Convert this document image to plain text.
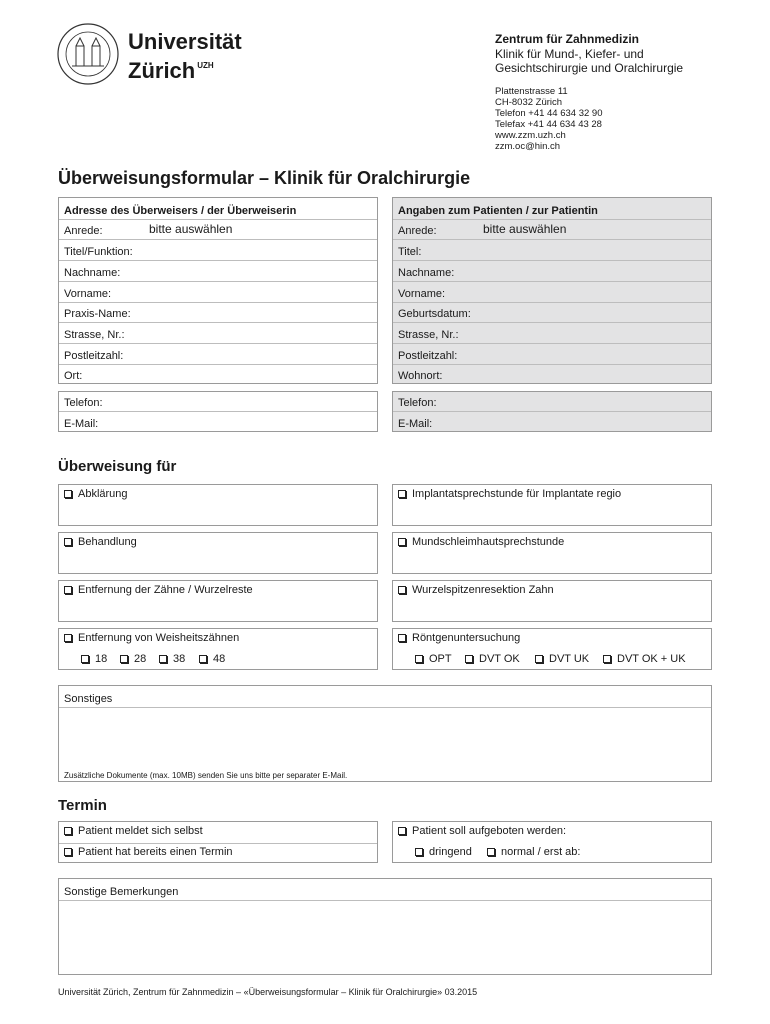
Universität
Zürich $^{UZH}$
Zentrum für Zahnmedizin
Klinik für Mund-, Kiefer- und
Gesichtschirurgie und Oralchirurgie
Plattenstrasse 11
CH-8032 Zürich
Telefon +41 44 634 32 90
Telefax +41 44 634 43 28
www.zzm.uzh.ch
zzm.oc@hin.ch
Überweisungsformular – Klinik für Oralchirurgie
Adresse des Überweisers / der Überweiserin
Anrede:	bitte auswählen
Titel/Funktion:
Nachname:
Vorname:
Praxis-Name:
Strasse, Nr.:
Postleitzahl:
Ort:
Telefon:
E-Mail:
Angaben zum Patienten / zur Patientin
Anrede:	bitte auswählen
Titel:
Nachname:
Vorname:
Geburtsdatum:
Strasse, Nr.:
Postleitzahl:
Wohnort:
Telefon:
E-Mail:
Überweisung für
Abklärung	Implantatsprechstunde für Implantate regio
Behandlung	Mundschleimhautsprechstunde
Entfernung der Zähne / Wurzelreste	Wurzelspitzenresektion Zahn
Entfernung von Weisheitszähnen
18	28	38	48
Röntgenuntersuchung
OPT	DVT OK	DVT UK	DVT OK + UK
Sonstiges
Zusätzliche Dokumente (max. 10MB) senden Sie uns bitte per separater E-Mail.
Termin
Patient meldet sich selbst
Patient hat bereits einen Termin
Patient soll aufgeboten werden:
dringend	normal / erst ab:
Sonstige Bemerkungen
Universität Zürich, Zentrum für Zahnmedizin – «Überweisungsformular – Klinik für Oralchirurgie» 03.2015
